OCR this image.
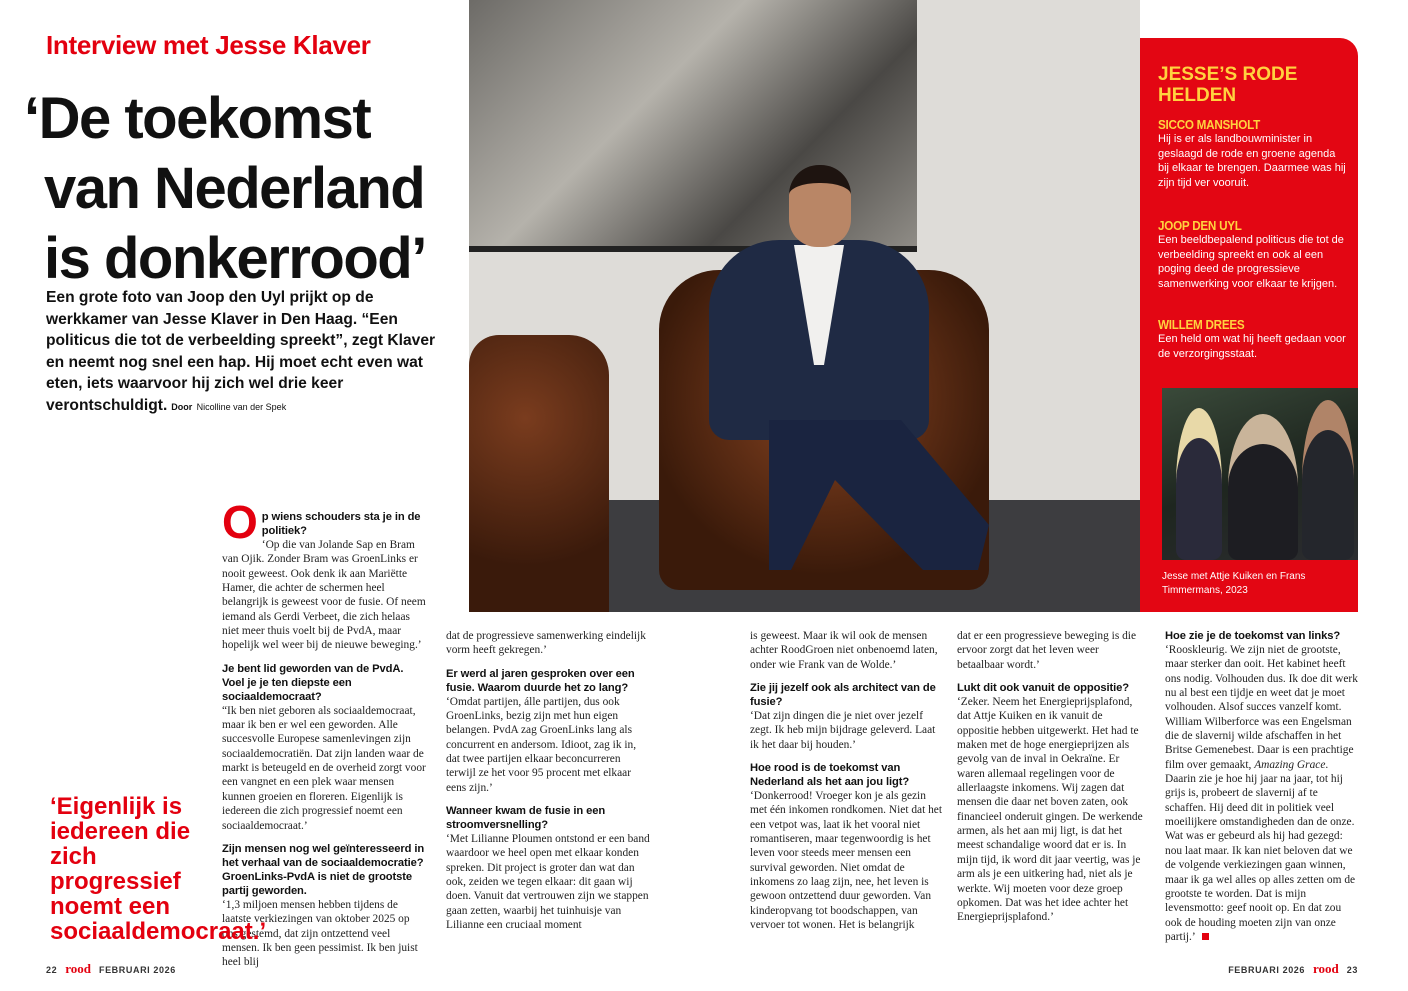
Interview met Jesse Klaver
‘De toekomst
van Nederland
is donkerrood’

Een grote foto van Joop den Uyl prijkt op de werkkamer van Jesse Klaver in Den Haag. “Een politicus die tot de verbeelding spreekt”, zegt Klaver en neemt nog snel een hap. Hij moet echt even wat eten, iets waarvoor hij zich wel drie keer verontschuldigt. Door Nicolline van der Spek

JESSE’S RODE HELDEN
SICCO MANSHOLT
Hij is er als landbouwminister in geslaagd de rode en groene agenda bij elkaar te brengen. Daarmee was hij zijn tijd ver vooruit.
JOOP DEN UYL
Een beeldbepalend politicus die tot de verbeelding spreekt en ook al een poging deed de progressieve samenwerking voor elkaar te krijgen.
WILLEM DREES
Een held om wat hij heeft gedaan voor de verzorgingsstaat.
Jesse met Attje Kuiken en Frans Timmermans, 2023
O p wiens schouders sta je in de politiek?

‘Op die van Jolande Sap en Bram van Ojik. Zonder Bram was GroenLinks er nooit geweest. Ook denk ik aan Mariëtte Hamer, die achter de schermen heel belangrijk is geweest voor de fusie. Of neem iemand als Gerdi Verbeet, die zich helaas niet meer thuis voelt bij de PvdA, maar hopelijk wel weer bij de nieuwe beweging.’

Je bent lid geworden van de PvdA. Voel je je ten diepste een sociaaldemocraat?

“Ik ben niet geboren als sociaaldemocraat, maar ik ben er wel een geworden. Alle succesvolle Europese samenlevingen zijn sociaaldemocratiën. Dat zijn landen waar de markt is beteugeld en de overheid zorgt voor een vangnet en een plek waar mensen kunnen groeien en floreren. Eigenlijk is iedereen die zich progressief noemt een sociaaldemocraat.’

Zijn mensen nog wel geïnteresseerd in het verhaal van de sociaaldemocratie? GroenLinks-PvdA is niet de grootste partij geworden.

‘1,3 miljoen mensen hebben tijdens de laatste verkiezingen van oktober 2025 op ons gestemd, dat zijn ontzettend veel mensen. Ik ben geen pessimist. Ik ben juist heel blij

dat de progressieve samenwerking eindelijk vorm heeft gekregen.’

Er werd al jaren gesproken over een fusie. Waarom duurde het zo lang?

‘Omdat partijen, álle partijen, dus ook GroenLinks, bezig zijn met hun eigen belangen. PvdA zag GroenLinks lang als concurrent en andersom. Idioot, zag ik in, dat twee partijen elkaar beconcurreren terwijl ze het voor 95 procent met elkaar eens zijn.’

Wanneer kwam de fusie in een stroomversnelling?

‘Met Lilianne Ploumen ontstond er een band waardoor we heel open met elkaar konden spreken. Dit project is groter dan wat dan ook, zeiden we tegen elkaar: dit gaan wij doen. Vanuit dat vertrouwen zijn we stappen gaan zetten, waarbij het tuinhuisje van Lilianne een cruciaal moment

is geweest. Maar ik wil ook de mensen achter RoodGroen niet onbenoemd laten, onder wie Frank van de Wolde.’

Zie jij jezelf ook als architect van de fusie?

‘Dat zijn dingen die je niet over jezelf zegt. Ik heb mijn bijdrage geleverd. Laat ik het daar bij houden.’

Hoe rood is de toekomst van Nederland als het aan jou ligt?

‘Donkerrood! Vroeger kon je als gezin met één inkomen rondkomen. Niet dat het een vetpot was, laat ik het vooral niet romantiseren, maar tegenwoordig is het leven voor steeds meer mensen een survival geworden. Niet omdat de inkomens zo laag zijn, nee, het leven is gewoon ontzettend duur geworden. Van kinderopvang tot boodschappen, van vervoer tot wonen. Het is belangrijk

dat er een progressieve beweging is die ervoor zorgt dat het leven weer betaalbaar wordt.’

Lukt dit ook vanuit de oppositie?

‘Zeker. Neem het Energieprijsplafond, dat Attje Kuiken en ik vanuit de oppositie hebben uitgewerkt. Het had te maken met de hoge energieprijzen als gevolg van de inval in Oekraïne. Er waren allemaal regelingen voor de allerlaagste inkomens. Wij zagen dat mensen die daar net boven zaten, ook financieel onderuit gingen. De werkende armen, als het aan mij ligt, is dat het meest schandalige woord dat er is. In mijn tijd, ik word dit jaar veertig, was je arm als je een uitkering had, niet als je werkte. Wij moeten voor deze groep opkomen. Dat was het idee achter het Energieprijsplafond.’

Hoe zie je de toekomst van links?

‘Rooskleurig. We zijn niet de grootste, maar sterker dan ooit. Het kabinet heeft ons nodig. Volhouden dus. Ik doe dit werk nu al best een tijdje en weet dat je moet volhouden. Alsof succes vanzelf komt. William Wilberforce was een Engelsman die de slavernij wilde afschaffen in het Britse Gemenebest. Daar is een prachtige film over gemaakt, Amazing Grace. Daarin zie je hoe hij jaar na jaar, tot hij grijs is, probeert de slavernij af te schaffen. Hij deed dit in politiek veel moeilijkere omstandigheden dan de onze. Wat was er gebeurd als hij had gezegd: nou laat maar. Ik kan niet beloven dat we de volgende verkiezingen gaan winnen, maar ik ga wel alles op alles zetten om de grootste te worden. Dat is mijn levensmotto: geef nooit op. En dat zou ook de houding moeten zijn van onze partij.’

‘Eigenlijk is iedereen die zich progressief noemt een sociaaldemocraat.’
22 rood FEBRUARI 2026	FEBRUARI 2026 rood 23
